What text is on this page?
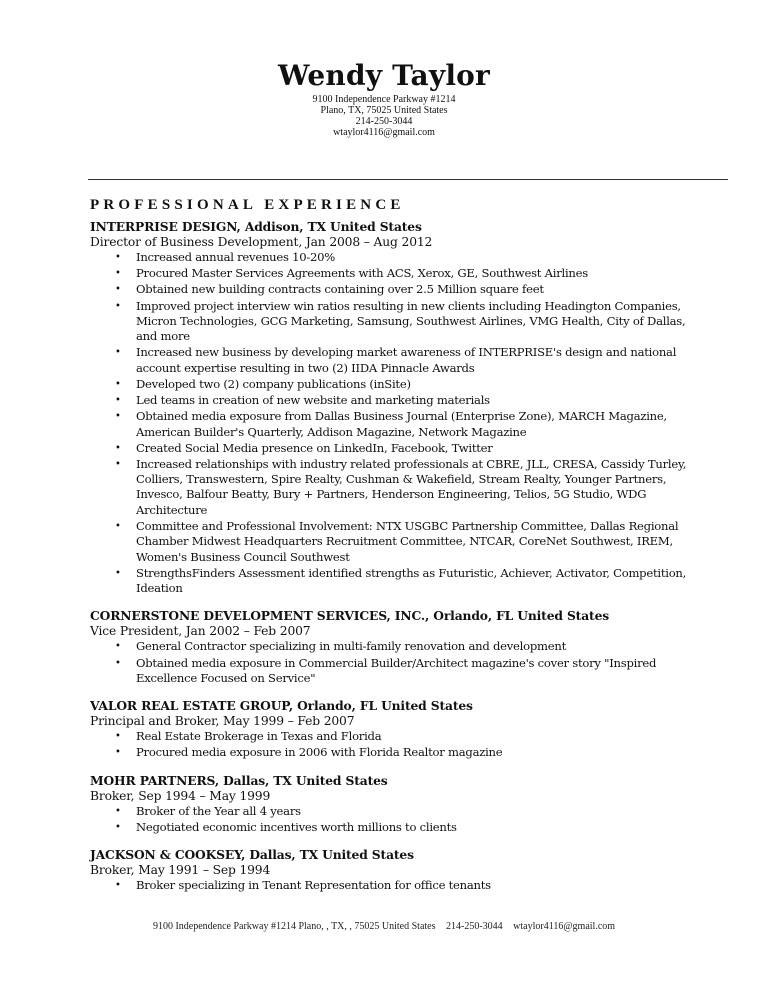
Wendy Taylor
9100 Independence Parkway #1214
Plano, TX, 75025 United States
214-250-3044
wtaylor4116@gmail.com
PROFESSIONAL EXPERIENCE
INTERPRISE DESIGN, Addison, TX United States
Director of Business Development, Jan 2008 – Aug 2012
• Increased annual revenues 10-20%
• Procured Master Services Agreements with ACS, Xerox, GE, Southwest Airlines
• Obtained new building contracts containing over 2.5 Million square feet
• Improved project interview win ratios resulting in new clients including Headington Companies, Micron Technologies, GCG Marketing, Samsung, Southwest Airlines, VMG Health, City of Dallas, and more
• Increased new business by developing market awareness of INTERPRISE's design and national account expertise resulting in two (2) IIDA Pinnacle Awards
• Developed two (2) company publications (inSite)
• Led teams in creation of new website and marketing materials
• Obtained media exposure from Dallas Business Journal (Enterprise Zone), MARCH Magazine, American Builder's Quarterly, Addison Magazine, Network Magazine
• Created Social Media presence on LinkedIn, Facebook, Twitter
• Increased relationships with industry related professionals at CBRE, JLL, CRESA, Cassidy Turley, Colliers, Transwestern, Spire Realty, Cushman & Wakefield, Stream Realty, Younger Partners, Invesco, Balfour Beatty, Bury + Partners, Henderson Engineering, Telios, 5G Studio, WDG Architecture
• Committee and Professional Involvement: NTX USGBC Partnership Committee, Dallas Regional Chamber Midwest Headquarters Recruitment Committee, NTCAR, CoreNet Southwest, IREM, Women's Business Council Southwest
• StrengthsFinders Assessment identified strengths as Futuristic, Achiever, Activator, Competition, Ideation
CORNERSTONE DEVELOPMENT SERVICES, INC., Orlando, FL United States
Vice President, Jan 2002 – Feb 2007
• General Contractor specializing in multi-family renovation and development
• Obtained media exposure in Commercial Builder/Architect magazine's cover story "Inspired Excellence Focused on Service"
VALOR REAL ESTATE GROUP, Orlando, FL United States
Principal and Broker, May 1999 – Feb 2007
• Real Estate Brokerage in Texas and Florida
• Procured media exposure in 2006 with Florida Realtor magazine
MOHR PARTNERS, Dallas, TX United States
Broker, Sep 1994 – May 1999
• Broker of the Year all 4 years
• Negotiated economic incentives worth millions to clients
JACKSON & COOKSEY, Dallas, TX United States
Broker, May 1991 – Sep 1994
• Broker specializing in Tenant Representation for office tenants
9100 Independence Parkway #1214 Plano, , TX, , 75025 United States 214-250-3044 wtaylor4116@gmail.com
